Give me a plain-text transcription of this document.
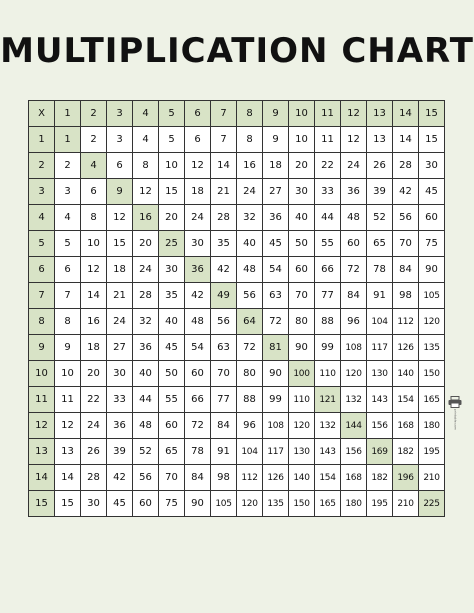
MULTIPLICATION CHART
X	1	2	3	4	5	6	7	8	9	10	11	12	13	14	15
1	1	2	3	4	5	6	7	8	9	10	11	12	13	14	15
2	2	4	6	8	10	12	14	16	18	20	22	24	26	28	30
3	3	6	9	12	15	18	21	24	27	30	33	36	39	42	45
4	4	8	12	16	20	24	28	32	36	40	44	48	52	56	60
5	5	10	15	20	25	30	35	40	45	50	55	60	65	70	75
6	6	12	18	24	30	36	42	48	54	60	66	72	78	84	90
7	7	14	21	28	35	42	49	56	63	70	77	84	91	98	105
8	8	16	24	32	40	48	56	64	72	80	88	96	104	112	120
9	9	18	27	36	45	54	63	72	81	90	99	108	117	126	135
10	10	20	30	40	50	60	70	80	90	100	110	120	130	140	150
11	11	22	33	44	55	66	77	88	99	110	121	132	143	154	165
12	12	24	36	48	60	72	84	96	108	120	132	144	156	168	180
13	13	26	39	52	65	78	91	104	117	130	143	156	169	182	195
14	14	28	42	56	70	84	98	112	126	140	154	168	182	196	210
15	15	30	45	60	75	90	105	120	135	150	165	180	195	210	225
printable.com
